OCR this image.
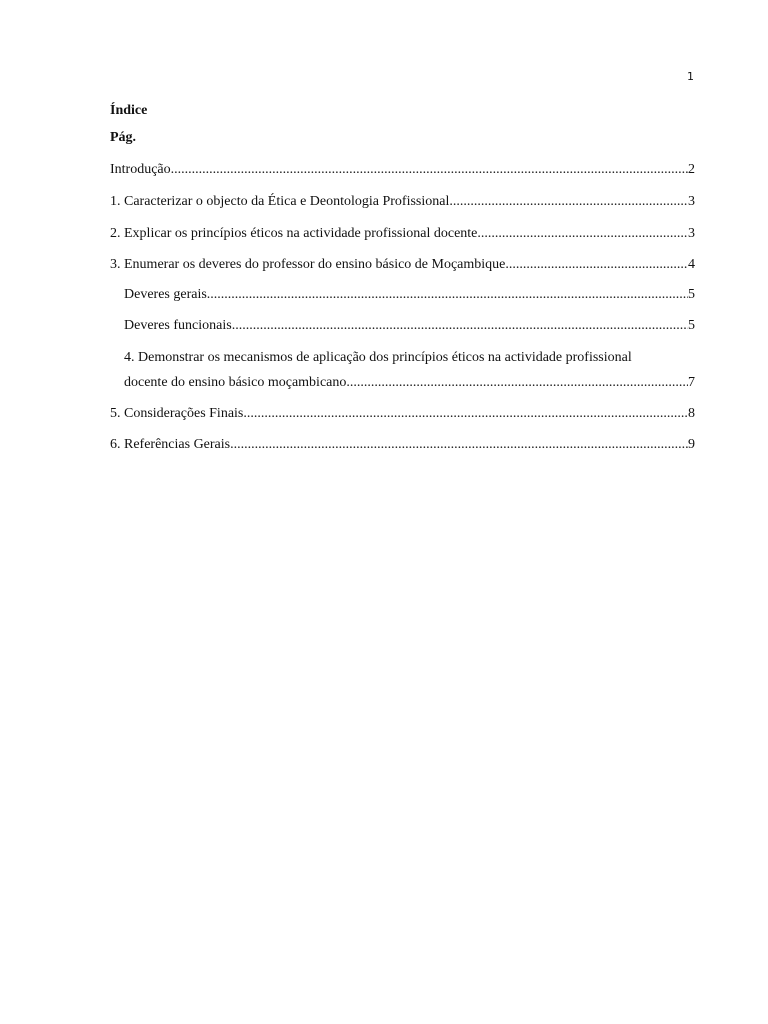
1
Índice
Pág.
Introdução .....	2
1. Caracterizar o objecto da Ética e Deontologia Profissional .....	3
2. Explicar os princípios éticos na actividade profissional docente .....	3
3. Enumerar os deveres do professor do ensino básico de Moçambique .....	4
Deveres gerais .....	5
Deveres funcionais .....	5
4. Demonstrar os mecanismos de aplicação dos princípios éticos na actividade profissional
docente do ensino básico moçambicano .....	7
5. Considerações Finais .....	8
6. Referências Gerais .....	9
